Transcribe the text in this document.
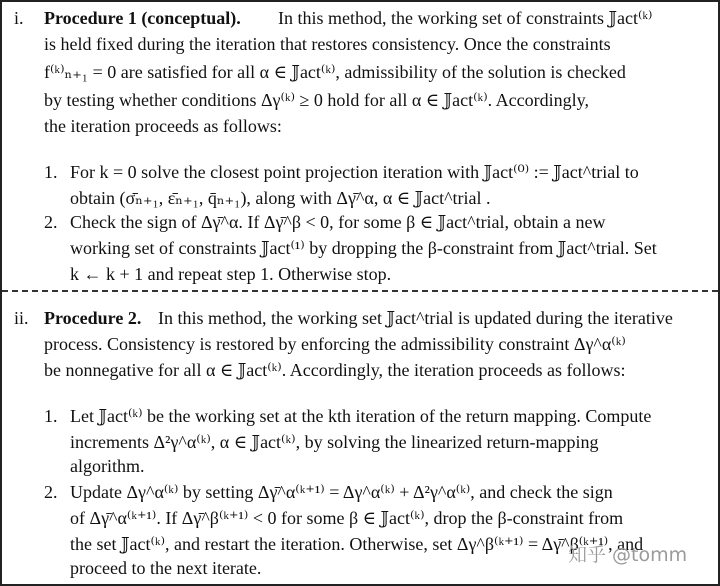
i. Procedure 1 (conceptual). In this method, the working set of constraints 𝕁act⁽ᵏ⁾
is held fixed during the iteration that restores consistency. Once the constraints
f⁽ᵏ⁾ₙ₊₁ = 0 are satisfied for all α ∈ 𝕁act⁽ᵏ⁾, admissibility of the solution is checked
by testing whether conditions Δγ⁽ᵏ⁾ ≥ 0 hold for all α ∈ 𝕁act⁽ᵏ⁾. Accordingly,
the iteration proceeds as follows:
1. For k = 0 solve the closest point projection iteration with 𝕁act⁽⁰⁾ := 𝕁act^trial to
obtain (σ̄ₙ₊₁, ε̄ₙ₊₁, q̄ₙ₊₁), along with Δγ̄^α, α ∈ 𝕁act^trial .
2. Check the sign of Δγ̄^α. If Δγ̄^β < 0, for some β ∈ 𝕁act^trial, obtain a new
working set of constraints 𝕁act⁽¹⁾ by dropping the β-constraint from 𝕁act^trial. Set
k ← k + 1 and repeat step 1. Otherwise stop.
ii. Procedure 2. In this method, the working set 𝕁act^trial is updated during the iterative
process. Consistency is restored by enforcing the admissibility constraint Δγ^α⁽ᵏ⁾
be nonnegative for all α ∈ 𝕁act⁽ᵏ⁾. Accordingly, the iteration proceeds as follows:
1. Let 𝕁act⁽ᵏ⁾ be the working set at the kth iteration of the return mapping. Compute
increments Δ²γ^α⁽ᵏ⁾, α ∈ 𝕁act⁽ᵏ⁾, by solving the linearized return-mapping
algorithm.
2. Update Δγ^α⁽ᵏ⁾ by setting Δγ̄^α⁽ᵏ⁺¹⁾ = Δγ^α⁽ᵏ⁾ + Δ²γ^α⁽ᵏ⁾, and check the sign
of Δγ̄^α⁽ᵏ⁺¹⁾. If Δγ̄^β⁽ᵏ⁺¹⁾ < 0 for some β ∈ 𝕁act⁽ᵏ⁾, drop the β-constraint from
the set 𝕁act⁽ᵏ⁾, and restart the iteration. Otherwise, set Δγ^β⁽ᵏ⁺¹⁾ = Δγ̄^β⁽ᵏ⁺¹⁾, and
proceed to the next iterate.
知乎 @tomm
